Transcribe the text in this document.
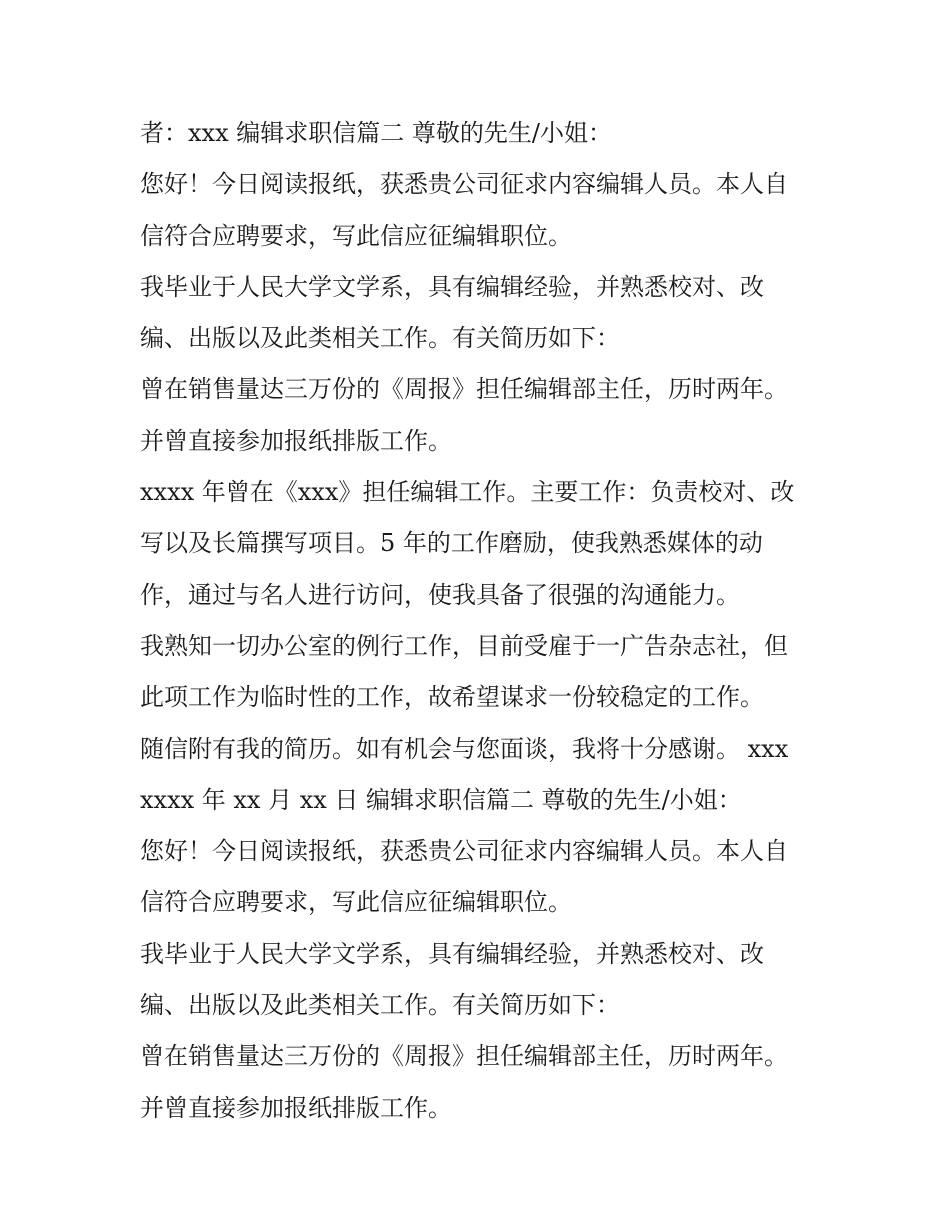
者：xxx 编辑求职信篇二 尊敬的先生/小姐：
您好！今日阅读报纸，获悉贵公司征求内容编辑人员。本人自
信符合应聘要求，写此信应征编辑职位。
我毕业于人民大学文学系，具有编辑经验，并熟悉校对、改
编、出版以及此类相关工作。有关简历如下：
曾在销售量达三万份的《周报》担任编辑部主任，历时两年。
并曾直接参加报纸排版工作。
xxxx 年曾在《xxx》担任编辑工作。主要工作：负责校对、改
写以及长篇撰写项目。5 年的工作磨励，使我熟悉媒体的动
作，通过与名人进行访问，使我具备了很强的沟通能力。
我熟知一切办公室的例行工作，目前受雇于一广告杂志社，但
此项工作为临时性的工作，故希望谋求一份较稳定的工作。
随信附有我的简历。如有机会与您面谈，我将十分感谢。 xxx
xxxx 年 xx 月 xx 日 编辑求职信篇二 尊敬的先生/小姐：
您好！今日阅读报纸，获悉贵公司征求内容编辑人员。本人自
信符合应聘要求，写此信应征编辑职位。
我毕业于人民大学文学系，具有编辑经验，并熟悉校对、改
编、出版以及此类相关工作。有关简历如下：
曾在销售量达三万份的《周报》担任编辑部主任，历时两年。
并曾直接参加报纸排版工作。
